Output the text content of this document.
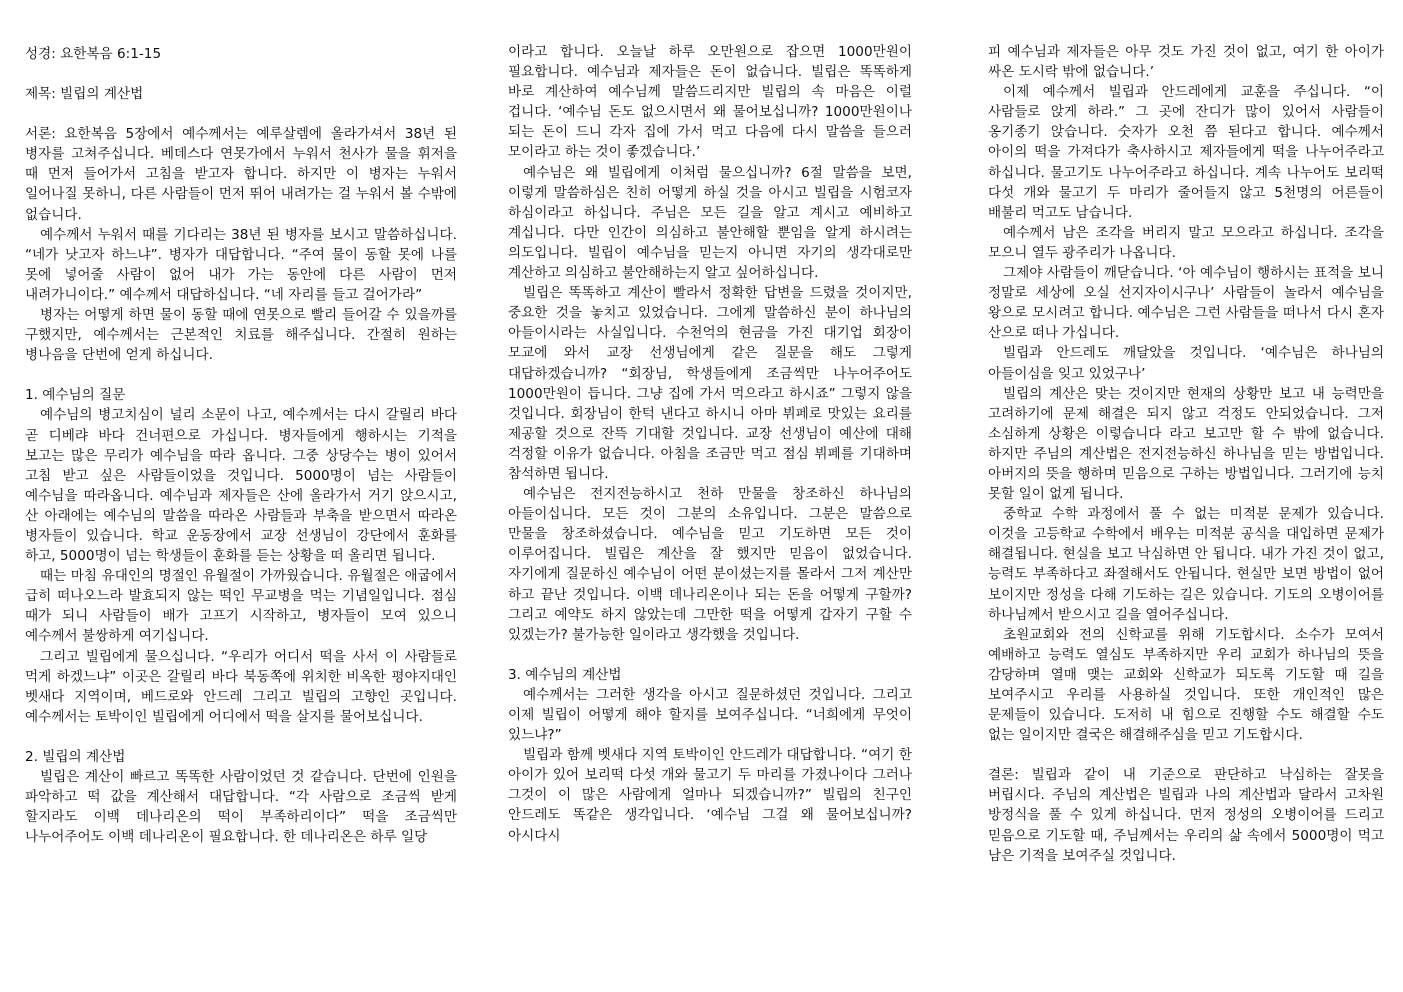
성경: 요한복음 6:1-15

제목: 빌립의 계산법

서론: 요한복음 5장에서 예수께서는 예루살렘에 올라가셔서 38년 된 병자를 고쳐주십니다. 베데스다 연못가에서 누워서 천사가 물을 휘저을 때 먼저 들어가서 고침을 받고자 합니다. 하지만 이 병자는 누워서 일어나질 못하니, 다른 사람들이 먼저 뛰어 내려가는 걸 누워서 볼 수밖에 없습니다.

예수께서 누워서 때를 기다리는 38년 된 병자를 보시고 말씀하십니다. “네가 낫고자 하느냐”. 병자가 대답합니다. “주여 물이 동할 못에 나를 못에 넣어줄 사람이 없어 내가 가는 동안에 다른 사람이 먼저 내려가니이다.” 예수께서 대답하십니다. “네 자리를 들고 걸어가라”

병자는 어떻게 하면 물이 동할 때에 연못으로 빨리 들어갈 수 있을까를 구했지만, 예수께서는 근본적인 치료를 해주십니다. 간절히 원하는 병나음을 단번에 얻게 하십니다.

1. 예수님의 질문

예수님의 병고치심이 널리 소문이 나고, 예수께서는 다시 갈릴리 바다 곧 디베랴 바다 건너편으로 가십니다. 병자들에게 행하시는 기적을 보고는 많은 무리가 예수님을 따라 옵니다. 그중 상당수는 병이 있어서 고침 받고 싶은 사람들이었을 것입니다. 5000명이 넘는 사람들이 예수님을 따라옵니다. 예수님과 제자들은 산에 올라가서 거기 앉으시고, 산 아래에는 예수님의 말씀을 따라온 사람들과 부축을 받으면서 따라온 병자들이 있습니다. 학교 운동장에서 교장 선생님이 강단에서 훈화를 하고, 5000명이 넘는 학생들이 훈화를 듣는 상황을 떠 올리면 됩니다.

때는 마침 유대인의 명절인 유월절이 가까웠습니다. 유월절은 애굽에서 급히 떠나오느라 발효되지 않는 떡인 무교병을 먹는 기념일입니다. 점심 때가 되니 사람들이 배가 고프기 시작하고, 병자들이 모여 있으니 예수께서 불쌍하게 여기십니다.

그리고 빌립에게 물으십니다. “우리가 어디서 떡을 사서 이 사람들로 먹게 하겠느냐” 이곳은 갈릴리 바다 북동쪽에 위치한 비옥한 평야지대인 벳새다 지역이며, 베드로와 안드레 그리고 빌립의 고향인 곳입니다. 예수께서는 토박이인 빌립에게 어디에서 떡을 살지를 물어보십니다.

2. 빌립의 계산법

빌립은 계산이 빠르고 똑똑한 사람이었던 것 같습니다. 단번에 인원을 파악하고 떡 값을 계산해서 대답합니다. “각 사람으로 조금씩 받게 할지라도 이백 데나리온의 떡이 부족하리이다” 떡을 조금씩만 나누어주어도 이백 데나리온이 필요합니다. 한 데나리온은 하루 일당

이라고 합니다. 오늘날 하루 오만원으로 잡으면 1000만원이 필요합니다. 예수님과 제자들은 돈이 없습니다. 빌립은 똑똑하게 바로 계산하여 예수님께 말씀드리지만 빌립의 속 마음은 이럴 겁니다. ‘예수님 돈도 없으시면서 왜 물어보십니까? 1000만원이나 되는 돈이 드니 각자 집에 가서 먹고 다음에 다시 말씀을 들으러 모이라고 하는 것이 좋겠습니다.’

예수님은 왜 빌립에게 이처럼 물으십니까? 6절 말씀을 보면, 이렇게 말씀하심은 친히 어떻게 하실 것을 아시고 빌립을 시험코자 하심이라고 하십니다. 주님은 모든 길을 알고 계시고 예비하고 계십니다. 다만 인간이 의심하고 불안해할 뿐임을 알게 하시려는 의도입니다. 빌립이 예수님을 믿는지 아니면 자기의 생각대로만 계산하고 의심하고 불안해하는지 알고 싶어하십니다.

빌립은 똑똑하고 계산이 빨라서 정확한 답변을 드렸을 것이지만, 중요한 것을 놓치고 있었습니다. 그에게 말씀하신 분이 하나님의 아들이시라는 사실입니다. 수천억의 현금을 가진 대기업 회장이 모교에 와서 교장 선생님에게 같은 질문을 해도 그렇게 대답하겠습니까? “회장님, 학생들에게 조금씩만 나누어주어도 1000만원이 듭니다. 그냥 집에 가서 먹으라고 하시죠” 그렇지 않을 것입니다. 회장님이 한턱 낸다고 하시니 아마 뷔페로 맛있는 요리를 제공할 것으로 잔뜩 기대할 것입니다. 교장 선생님이 예산에 대해 걱정할 이유가 없습니다. 아침을 조금만 먹고 점심 뷔페를 기대하며 참석하면 됩니다.

예수님은 전지전능하시고 천하 만물을 창조하신 하나님의 아들이십니다. 모든 것이 그분의 소유입니다. 그분은 말씀으로 만물을 창조하셨습니다. 예수님을 믿고 기도하면 모든 것이 이루어집니다. 빌립은 계산을 잘 했지만 믿음이 없었습니다. 자기에게 질문하신 예수님이 어떤 분이셨는지를 몰라서 그저 계산만 하고 끝난 것입니다. 이백 데나리온이나 되는 돈을 어떻게 구할까? 그리고 예약도 하지 않았는데 그만한 떡을 어떻게 갑자기 구할 수 있겠는가? 불가능한 일이라고 생각했을 것입니다.

3. 예수님의 계산법

예수께서는 그러한 생각을 아시고 질문하셨던 것입니다. 그리고 이제 빌립이 어떻게 해야 할지를 보여주십니다. “너희에게 무엇이 있느냐?”

빌립과 함께 벳새다 지역 토박이인 안드레가 대답합니다. “여기 한 아이가 있어 보리떡 다섯 개와 물고기 두 마리를 가졌나이다 그러나 그것이 이 많은 사람에게 얼마나 되겠습니까?” 빌립의 친구인 안드레도 똑같은 생각입니다. ‘예수님 그걸 왜 물어보십니까? 아시다시

피 예수님과 제자들은 아무 것도 가진 것이 없고, 여기 한 아이가 싸온 도시락 밖에 없습니다.’

이제 예수께서 빌립과 안드레에게 교훈을 주십니다. “이 사람들로 앉게 하라.” 그 곳에 잔디가 많이 있어서 사람들이 옹기종기 앉습니다. 숫자가 오천 쯤 된다고 합니다. 예수께서 아이의 떡을 가져다가 축사하시고 제자들에게 떡을 나누어주라고 하십니다. 물고기도 나누어주라고 하십니다. 계속 나누어도 보리떡 다섯 개와 물고기 두 마리가 줄어들지 않고 5천명의 어른들이 배불리 먹고도 남습니다.

예수께서 남은 조각을 버리지 말고 모으라고 하십니다. 조각을 모으니 열두 광주리가 나옵니다.

그제야 사람들이 깨닫습니다. ‘아 예수님이 행하시는 표적을 보니 정말로 세상에 오실 선지자이시구나’ 사람들이 놀라서 예수님을 왕으로 모시려고 합니다. 예수님은 그런 사람들을 떠나서 다시 혼자 산으로 떠나 가십니다.

빌립과 안드레도 깨달았을 것입니다. ‘예수님은 하나님의 아들이심을 잊고 있었구나’

빌립의 계산은 맞는 것이지만 현재의 상황만 보고 내 능력만을 고려하기에 문제 해결은 되지 않고 걱정도 안되었습니다. 그저 소심하게 상황은 이렇습니다 라고 보고만 할 수 밖에 없습니다. 하지만 주님의 계산법은 전지전능하신 하나님을 믿는 방법입니다. 아버지의 뜻을 행하며 믿음으로 구하는 방법입니다. 그러기에 능치 못할 일이 없게 됩니다.

중학교 수학 과정에서 풀 수 없는 미적분 문제가 있습니다. 이것을 고등학교 수학에서 배우는 미적분 공식을 대입하면 문제가 해결됩니다. 현실을 보고 낙심하면 안 됩니다. 내가 가진 것이 없고, 능력도 부족하다고 좌절해서도 안됩니다. 현실만 보면 방법이 없어 보이지만 정성을 다해 기도하는 길은 있습니다. 기도의 오병이어를 하나님께서 받으시고 길을 열어주십니다.

초원교회와 전의 신학교를 위해 기도합시다. 소수가 모여서 예배하고 능력도 열심도 부족하지만 우리 교회가 하나님의 뜻을 감당하며 열매 맺는 교회와 신학교가 되도록 기도할 때 길을 보여주시고 우리를 사용하실 것입니다. 또한 개인적인 많은 문제들이 있습니다. 도저히 내 힘으로 진행할 수도 해결할 수도 없는 일이지만 결국은 해결해주심을 믿고 기도합시다.

결론: 빌립과 같이 내 기준으로 판단하고 낙심하는 잘못을 버립시다. 주님의 계산법은 빌립과 나의 계산법과 달라서 고차원 방정식을 풀 수 있게 하십니다. 먼저 정성의 오병이어를 드리고 믿음으로 기도할 때, 주님께서는 우리의 삶 속에서 5000명이 먹고 남은 기적을 보여주실 것입니다.
